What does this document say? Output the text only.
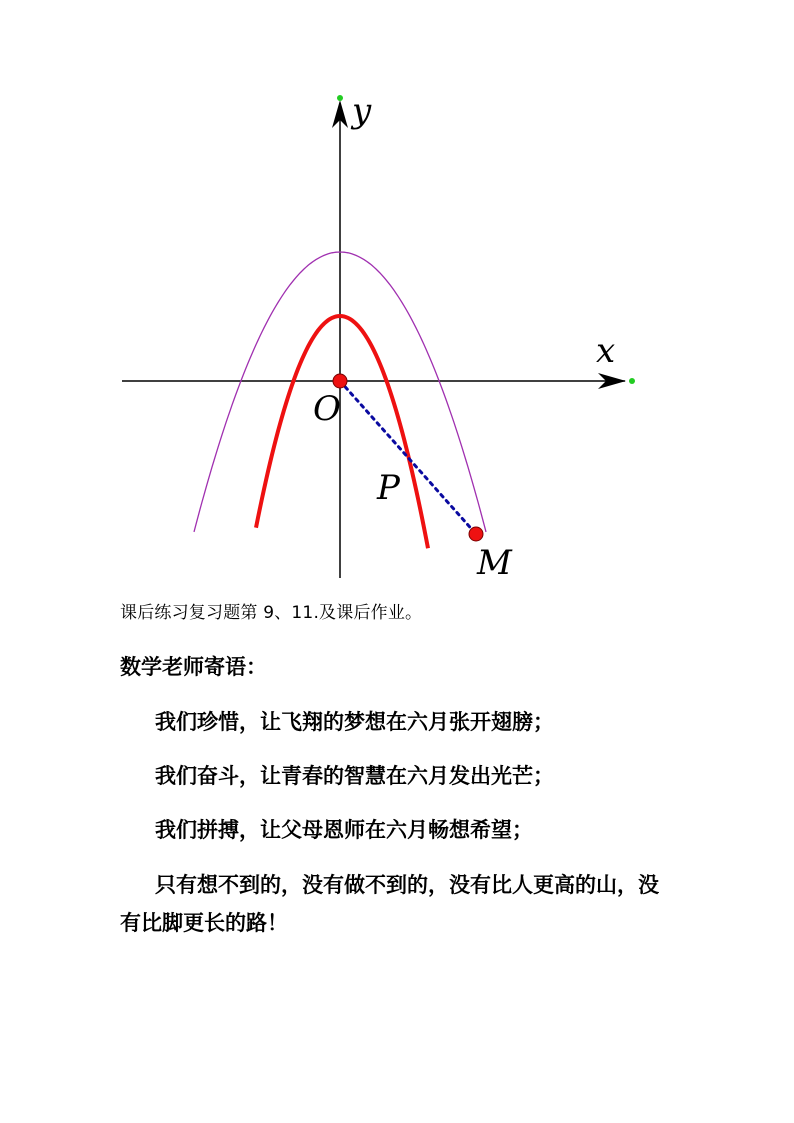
y
x
O
P
M
课后练习复习题第 9、11.及课后作业。
数学老师寄语：

我们珍惜，让飞翔的梦想在六月张开翅膀；

我们奋斗，让青春的智慧在六月发出光芒；

我们拼搏，让父母恩师在六月畅想希望；

只有想不到的，没有做不到的，没有比人更高的山，没有比脚更长的路！
